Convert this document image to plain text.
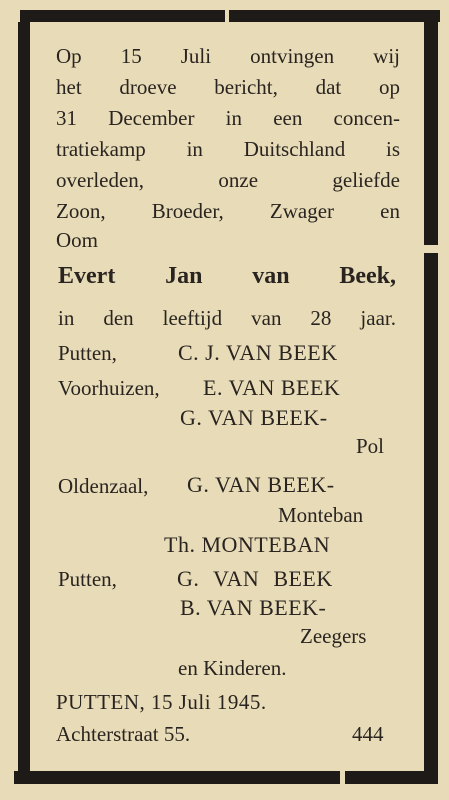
Op 15 Juli ontvingen wij
het droeve bericht, dat op
31 December in een concen-
tratiekamp in Duitschland is
overleden, onze geliefde
Zoon, Broeder, Zwager en
Oom
Evert Jan van Beek,
in den leeftijd van 28 jaar.
Putten,	C. J. VAN BEEK
Voorhuizen, E. VAN BEEK
G. VAN BEEK-
Pol
Oldenzaal, G. VAN BEEK-
Monteban
Th. MONTEBAN
Putten,	G. VAN BEEK
B. VAN BEEK-
Zeegers
en Kinderen.
PUTTEN, 15 Juli 1945.
Achterstraat 55.	444
